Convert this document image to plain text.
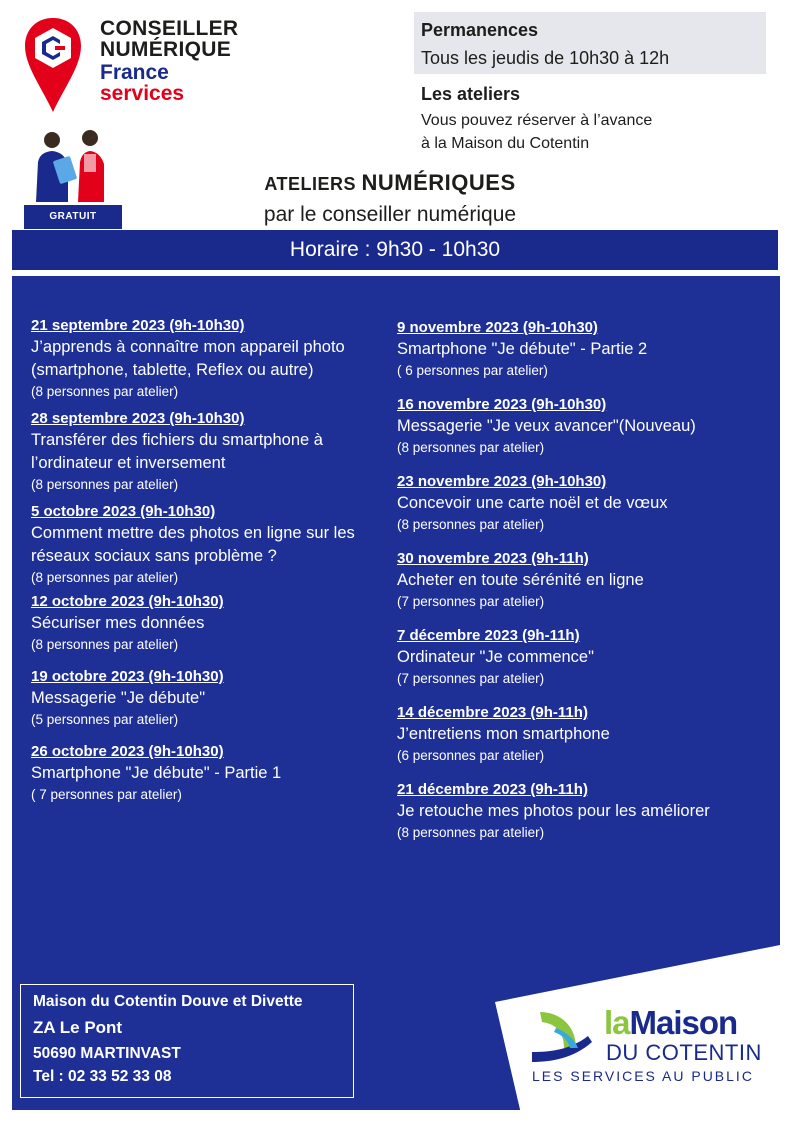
CONSEILLER
NUMÉRIQUE
France
services
Permanences
Tous les jeudis de 10h30 à 12h
Les ateliers
Vous pouvez réserver à l’avance
à la Maison du Cotentin
GRATUIT
ATELIERS NUMÉRIQUES
par le conseiller numérique
Horaire : 9h30 - 10h30
21 septembre 2023 (9h-10h30)
J’apprends à connaître mon appareil photo (smartphone, tablette, Reflex ou autre)
(8 personnes par atelier)
28 septembre 2023 (9h-10h30)
Transférer des fichiers du smartphone à l’ordinateur et inversement
(8 personnes par atelier)
5 octobre 2023 (9h-10h30)
Comment mettre des photos en ligne sur les réseaux sociaux sans problème ?
(8 personnes par atelier)
12 octobre 2023 (9h-10h30)
Sécuriser mes données
(8 personnes par atelier)
19 octobre 2023 (9h-10h30)
Messagerie "Je débute"
(5 personnes par atelier)
26 octobre 2023 (9h-10h30)
Smartphone "Je débute" - Partie 1
( 7 personnes par atelier)
9 novembre 2023 (9h-10h30)
Smartphone "Je débute" - Partie 2
( 6 personnes par atelier)
16 novembre 2023 (9h-10h30)
Messagerie "Je veux avancer"(Nouveau)
(8 personnes par atelier)
23 novembre 2023 (9h-10h30)
Concevoir une carte noël et de vœux
(8 personnes par atelier)
30 novembre 2023 (9h-11h)
Acheter en toute sérénité en ligne
(7 personnes par atelier)
7 décembre 2023 (9h-11h)
Ordinateur "Je commence"
(7 personnes par atelier)
14 décembre 2023 (9h-11h)
J’entretiens mon smartphone
(6 personnes par atelier)
21 décembre 2023 (9h-11h)
Je retouche mes photos pour les améliorer
(8 personnes par atelier)
Maison du Cotentin Douve et Divette
ZA Le Pont
50690 MARTINVAST
Tel : 02 33 52 33 08
laMaison
DU COTENTIN
LES SERVICES AU PUBLIC
